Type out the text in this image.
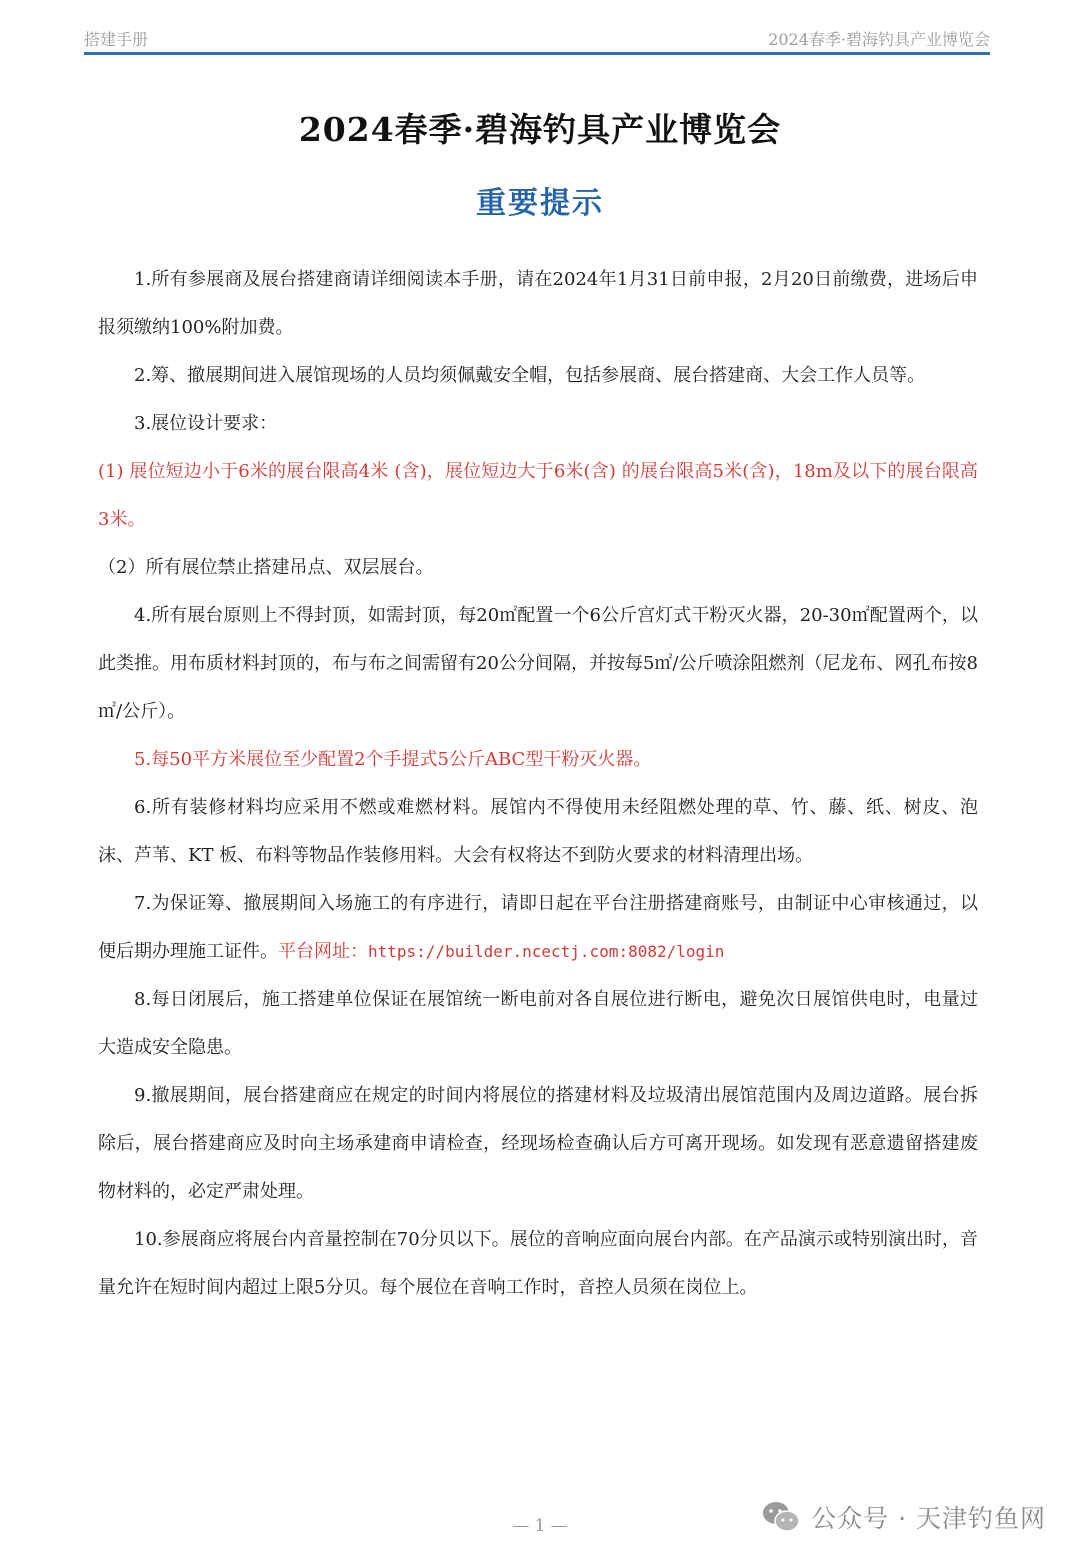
搭建手册	2024春季·碧海钓具产业博览会
2024春季·碧海钓具产业博览会
重要提示

1.所有参展商及展台搭建商请详细阅读本手册，请在2024年1月31日前申报，2月20日前缴费，进场后申报须缴纳100%附加费。

2.筹、撤展期间进入展馆现场的人员均须佩戴安全帽，包括参展商、展台搭建商、大会工作人员等。

3.展位设计要求：

(1) 展位短边小于6米的展台限高4米 (含)，展位短边大于6米(含) 的展台限高5米(含)，18m及以下的展台限高3米。

（2）所有展位禁止搭建吊点、双层展台。

4.所有展台原则上不得封顶，如需封顶，每20㎡配置一个6公斤宫灯式干粉灭火器，20-30㎡配置两个，以此类推。用布质材料封顶的，布与布之间需留有20公分间隔，并按每5㎡/公斤喷涂阻燃剂（尼龙布、网孔布按8㎡/公斤）。

5.每50平方米展位至少配置2个手提式5公斤ABC型干粉灭火器。

6.所有装修材料均应采用不燃或难燃材料。展馆内不得使用未经阻燃处理的草、竹、藤、纸、树皮、泡沫、芦苇、KT 板、布料等物品作装修用料。大会有权将达不到防火要求的材料清理出场。

7.为保证筹、撤展期间入场施工的有序进行，请即日起在平台注册搭建商账号，由制证中心审核通过，以便后期办理施工证件。平台网址：https://builder.ncectj.com:8082/login

8.每日闭展后，施工搭建单位保证在展馆统一断电前对各自展位进行断电，避免次日展馆供电时，电量过大造成安全隐患。

9.撤展期间，展台搭建商应在规定的时间内将展位的搭建材料及垃圾清出展馆范围内及周边道路。展台拆除后，展台搭建商应及时向主场承建商申请检查，经现场检查确认后方可离开现场。如发现有恶意遗留搭建废物材料的，必定严肃处理。

10.参展商应将展台内音量控制在70分贝以下。展位的音响应面向展台内部。在产品演示或特别演出时，音量允许在短时间内超过上限5分贝。每个展位在音响工作时，音控人员须在岗位上。

— 1 —	公众号 · 天津钓鱼网
